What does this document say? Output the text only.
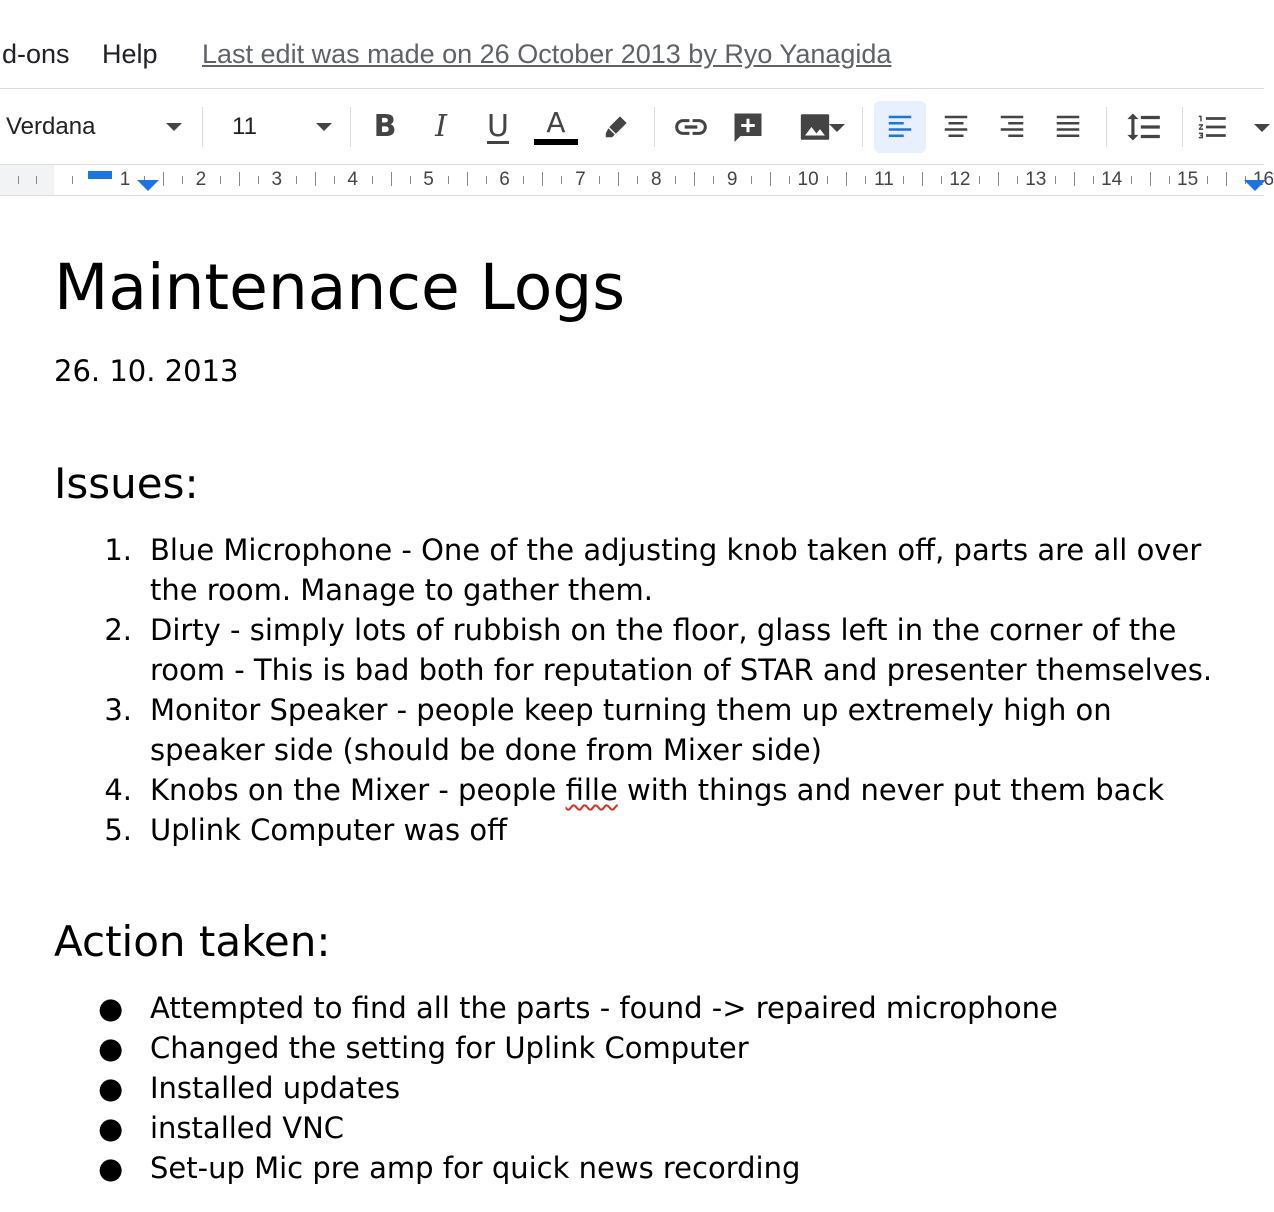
d-ons Help Last edit was made on 26 October 2013 by Ryo Yanagida
Verdana	11	B I U A
1	2	3	4	5	6	7	8	9	10	11	12	13	14	15	16
Maintenance Logs
26. 10. 2013
Issues:
1. Blue Microphone - One of the adjusting knob taken off, parts are all over
the room. Manage to gather them.
2. Dirty - simply lots of rubbish on the floor, glass left in the corner of the
room - This is bad both for reputation of STAR and presenter themselves.
3. Monitor Speaker - people keep turning them up extremely high on
speaker side (should be done from Mixer side)
4. Knobs on the Mixer - people fille with things and never put them back
5. Uplink Computer was off
Action taken:
● Attempted to find all the parts - found -> repaired microphone
● Changed the setting for Uplink Computer
● Installed updates
● installed VNC
● Set-up Mic pre amp for quick news recording
